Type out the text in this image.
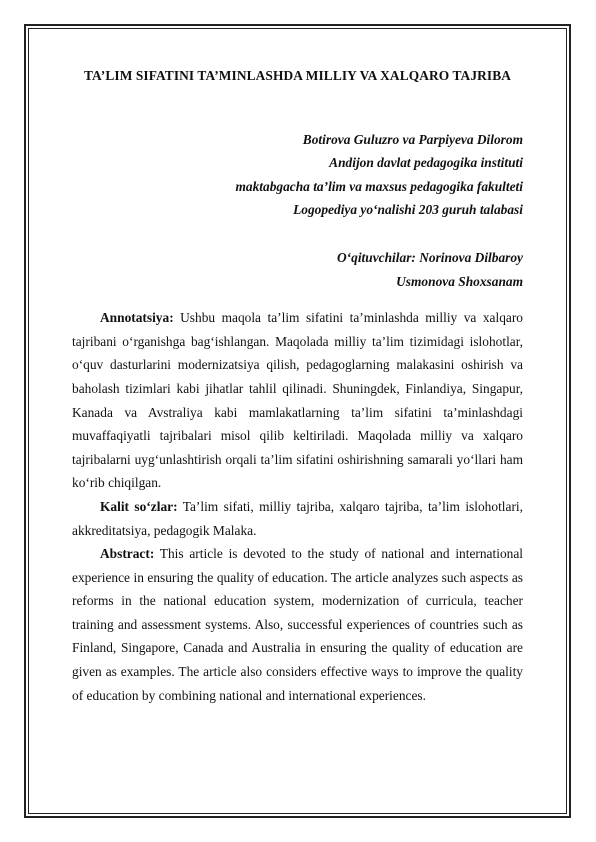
TA’LIM SIFATINI TA’MINLASHDA MILLIY VA XALQARO TAJRIBA
Botirova Guluzro va Parpiyeva Dilorom
Andijon davlat pedagogika instituti
maktabgacha ta’lim va maxsus pedagogika fakulteti
Logopediya yo‘nalishi 203 guruh talabasi
O‘qituvchilar: Norinova Dilbaroy
Usmonova Shoxsanam

Annotatsiya: Ushbu maqola ta’lim sifatini ta’minlashda milliy va xalqaro tajribani o‘rganishga bag‘ishlangan. Maqolada milliy ta’lim tizimidagi islohotlar, o‘quv dasturlarini modernizatsiya qilish, pedagoglarning malakasini oshirish va baholash tizimlari kabi jihatlar tahlil qilinadi. Shuningdek, Finlandiya, Singapur, Kanada va Avstraliya kabi mamlakatlarning ta’lim sifatini ta’minlashdagi muvaffaqiyatli tajribalari misol qilib keltiriladi. Maqolada milliy va xalqaro tajribalarni uyg‘unlashtirish orqali ta’lim sifatini oshirishning samarali yo‘llari ham ko‘rib chiqilgan.

Kalit so‘zlar: Ta’lim sifati, milliy tajriba, xalqaro tajriba, ta’lim islohotlari, akkreditatsiya, pedagogik Malaka.

Abstract: This article is devoted to the study of national and international experience in ensuring the quality of education. The article analyzes such aspects as reforms in the national education system, modernization of curricula, teacher training and assessment systems. Also, successful experiences of countries such as Finland, Singapore, Canada and Australia in ensuring the quality of education are given as examples. The article also considers effective ways to improve the quality of education by combining national and international experiences.
